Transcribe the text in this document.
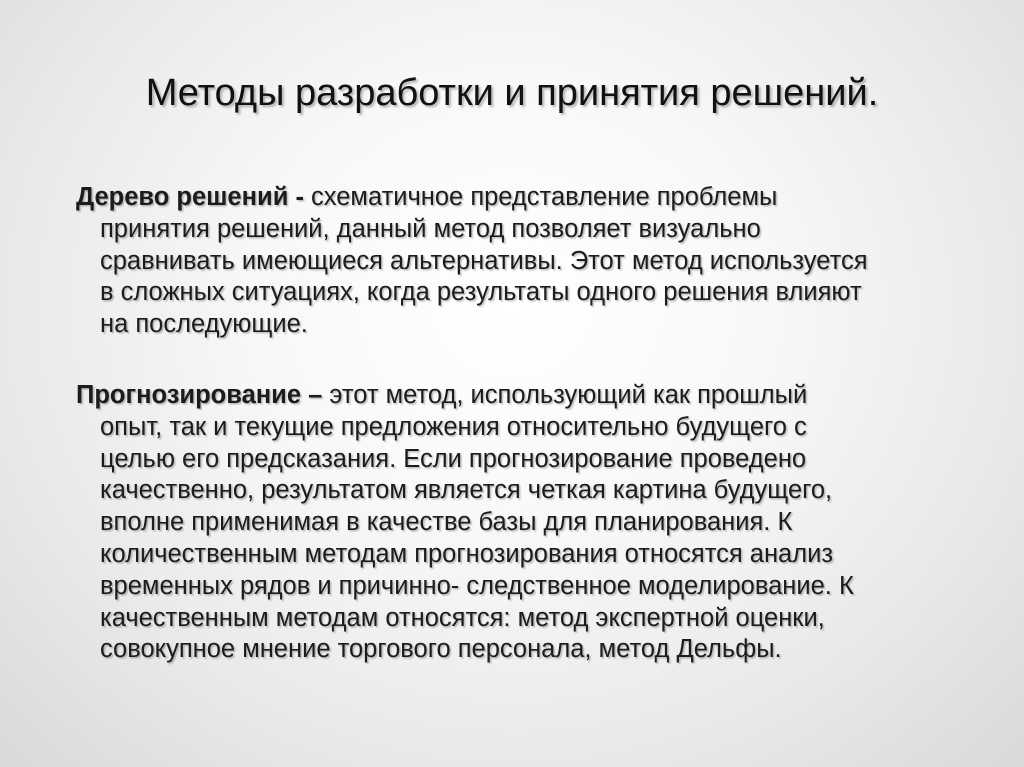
Методы разработки и принятия решений.

Дерево решений - схематичное представление проблемы
принятия решений, данный метод позволяет визуально
сравнивать имеющиеся альтернативы. Этот метод используется
в сложных ситуациях, когда результаты одного решения влияют
на последующие.

Прогнозирование – этот метод, использующий как прошлый
опыт, так и текущие предложения относительно будущего с
целью его предсказания. Если прогнозирование проведено
качественно, результатом является четкая картина будущего,
вполне применимая в качестве базы для планирования. К
количественным методам прогнозирования относятся анализ
временных рядов и причинно- следственное моделирование. К
качественным методам относятся: метод экспертной оценки,
совокупное мнение торгового персонала, метод Дельфы.
